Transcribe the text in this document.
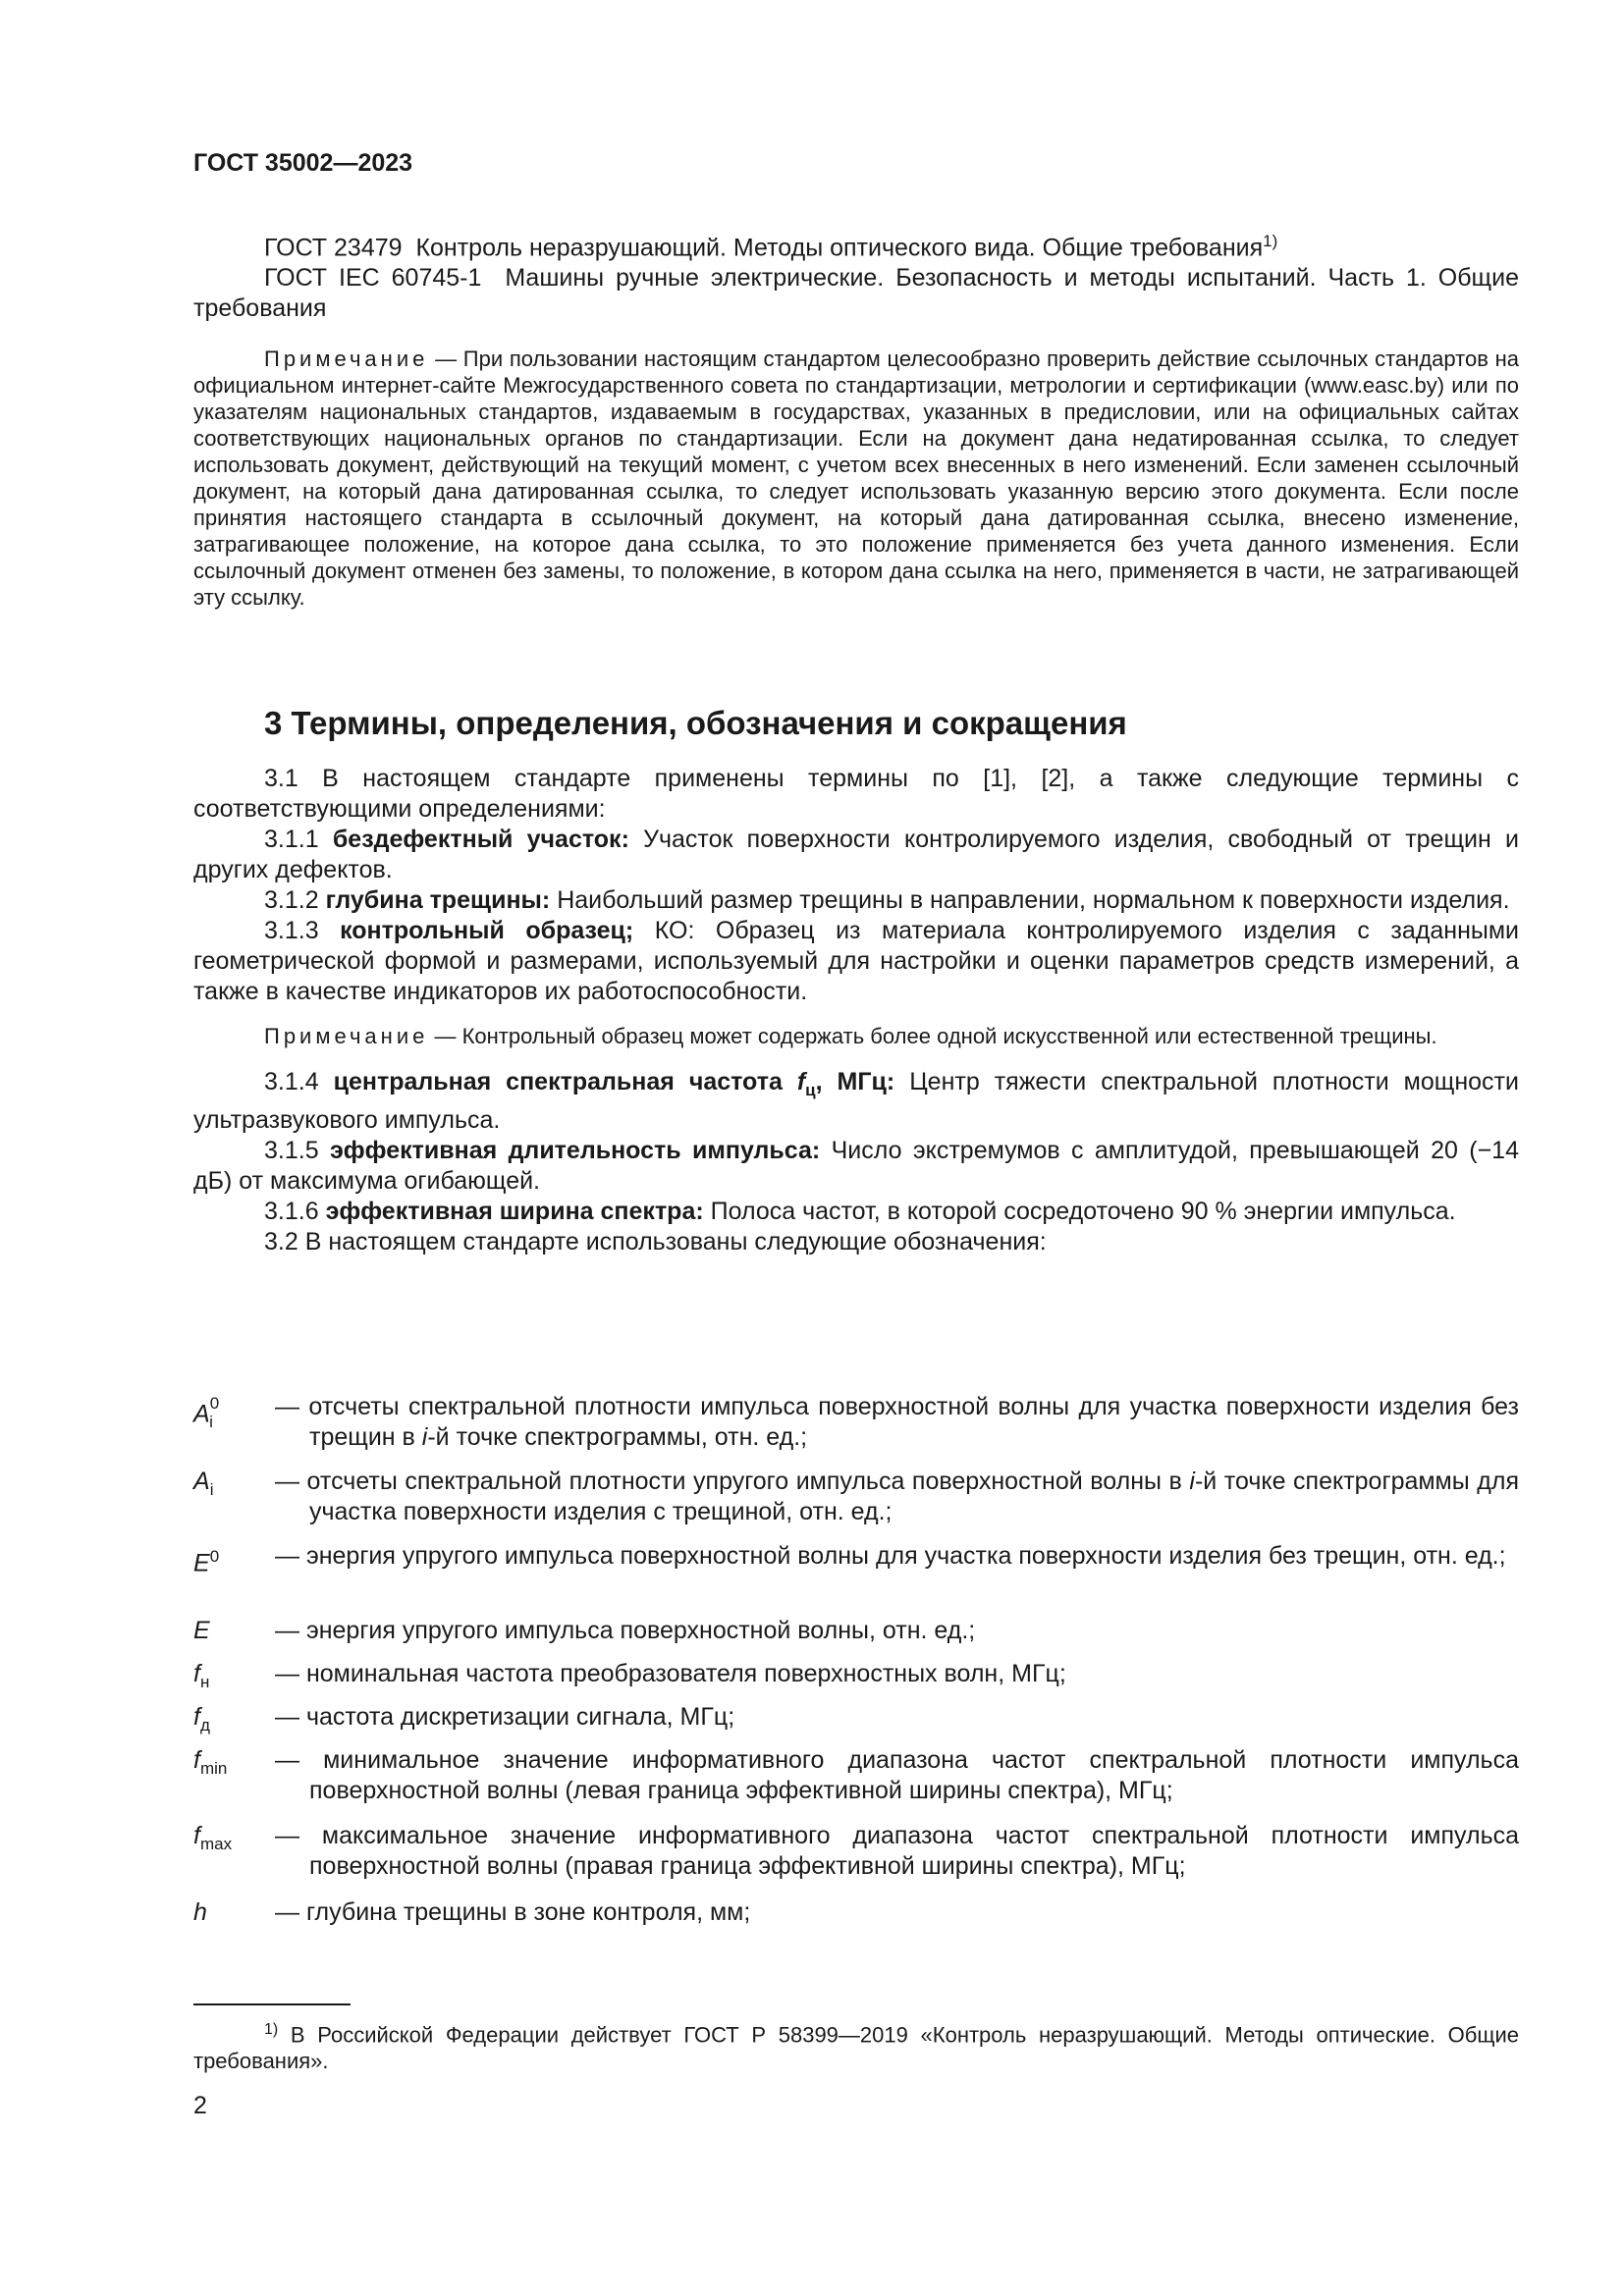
ГОСТ 35002—2023

ГОСТ 23479 Контроль неразрушающий. Методы оптического вида. Общие требования$^{1)}$

ГОСТ IEC 60745-1 Машины ручные электрические. Безопасность и методы испытаний. Часть 1. Общие требования

Примечание — При пользовании настоящим стандартом целесообразно проверить действие ссылочных стандартов на официальном интернет-сайте Межгосударственного совета по стандартизации, метрологии и сертификации (www.easc.by) или по указателям национальных стандартов, издаваемым в государствах, указанных в предисловии, или на официальных сайтах соответствующих национальных органов по стандартизации. Если на документ дана недатированная ссылка, то следует использовать документ, действующий на текущий момент, с учетом всех внесенных в него изменений. Если заменен ссылочный документ, на который дана датированная ссылка, то следует использовать указанную версию этого документа. Если после принятия настоящего стандарта в ссылочный документ, на который дана датированная ссылка, внесено изменение, затрагивающее положение, на которое дана ссылка, то это положение применяется без учета данного изменения. Если ссылочный документ отменен без замены, то положение, в котором дана ссылка на него, применяется в части, не затрагивающей эту ссылку.

3 Термины, определения, обозначения и сокращения

3.1 В настоящем стандарте применены термины по [1], [2], а также следующие термины с соответствующими определениями:

3.1.1 бездефектный участок: Участок поверхности контролируемого изделия, свободный от трещин и других дефектов.

3.1.2 глубина трещины: Наибольший размер трещины в направлении, нормальном к поверхности изделия.

3.1.3 контрольный образец; КО: Образец из материала контролируемого изделия с заданными геометрической формой и размерами, используемый для настройки и оценки параметров средств измерений, а также в качестве индикаторов их работоспособности.

Примечание — Контрольный образец может содержать более одной искусственной или естественной трещины.

3.1.4 центральная спектральная частота $f_ц$, МГц: Центр тяжести спектральной плотности мощности ультразвукового импульса.

3.1.5 эффективная длительность импульса: Число экстремумов с амплитудой, превышающей 20 (−14 дБ) от максимума огибающей.

3.1.6 эффективная ширина спектра: Полоса частот, в которой сосредоточено 90 % энергии импульса.

3.2 В настоящем стандарте использованы следующие обозначения:

$A^0_i$
— отсчеты спектральной плотности импульса поверхностной волны для участка поверхности изделия без трещин в i-й точке спектрограммы, отн. ед.;
$A_i$	— отсчеты спектральной плотности упругого импульса поверхностной волны в i-й точке спектрограммы для участка поверхности изделия с трещиной, отн. ед.;
$E^0$ — энергия упругого импульса поверхностной волны для участка поверхности изделия без трещин, отн. ед.;
E	— энергия упругого импульса поверхностной волны, отн. ед.;
$f_н$	— номинальная частота преобразователя поверхностных волн, МГц;
$f_д$	— частота дискретизации сигнала, МГц;
$f_{min}$ — минимальное значение информативного диапазона частот спектральной плотности импульса поверхностной волны (левая граница эффективной ширины спектра), МГц;
$f_{max}$ — максимальное значение информативного диапазона частот спектральной плотности импульса поверхностной волны (правая граница эффективной ширины спектра), МГц;
h	— глубина трещины в зоне контроля, мм;
$^{1)}$ В Российской Федерации действует ГОСТ Р 58399—2019 «Контроль неразрушающий. Методы оптические. Общие требования».
2
